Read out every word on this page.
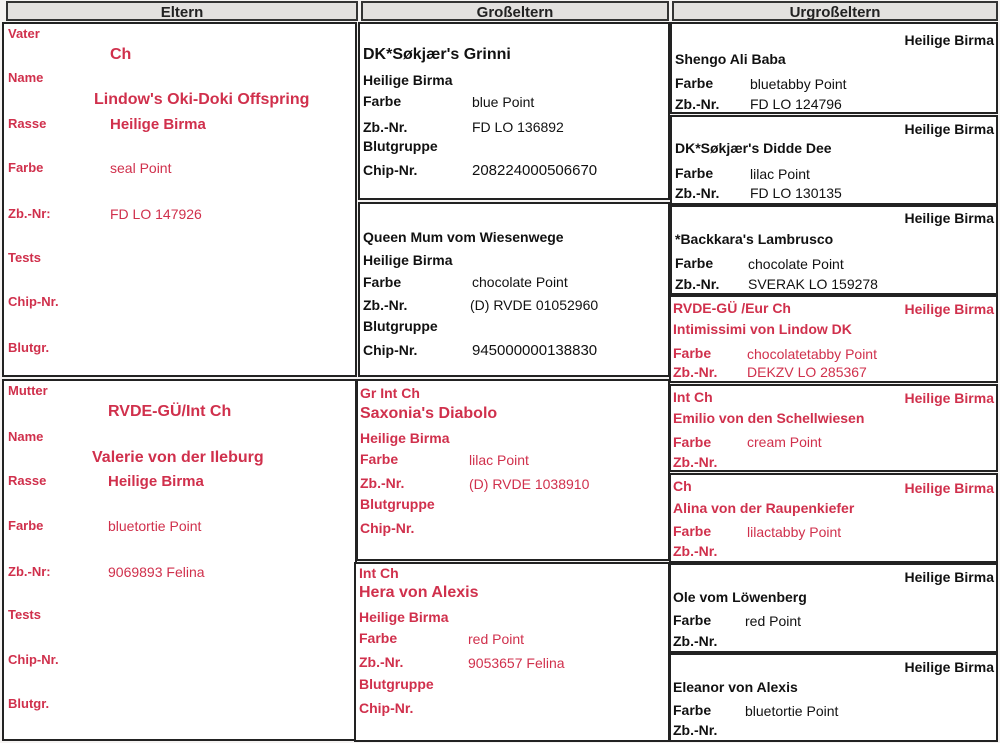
Eltern	Großeltern	Urgroßeltern
Vater
Ch
Name
Lindow's Oki-Doki Offspring
Rasse	Heilige Birma
Farbe	seal Point
Zb.-Nr:	FD LO 147926
Tests
Chip-Nr.
Blutgr.
Mutter
RVDE-GÜ/Int Ch
Name
Valerie von der Ileburg
Rasse	Heilige Birma
Farbe	bluetortie Point
Zb.-Nr:	9069893 Felina
Tests
Chip-Nr.
Blutgr.
DK*Søkjær's Grinni
Heilige Birma
Farbe	blue Point
Zb.-Nr.	FD LO 136892
Blutgruppe
Chip-Nr.	208224000506670
Queen Mum vom Wiesenwege
Heilige Birma
Farbe	chocolate Point
Zb.-Nr.	(D) RVDE 01052960
Blutgruppe
Chip-Nr.	945000000138830
Gr Int Ch
Saxonia's Diabolo
Heilige Birma
Farbe	lilac Point
Zb.-Nr.	(D) RVDE 1038910
Blutgruppe
Chip-Nr.
Int Ch
Hera von Alexis
Heilige Birma
Farbe	red Point
Zb.-Nr.	9053657 Felina
Blutgruppe
Chip-Nr.
Heilige Birma
Shengo Ali Baba
Farbe	bluetabby Point
Zb.-Nr. FD LO 124796
Heilige Birma
DK*Søkjær's Didde Dee
Farbe	lilac Point
Zb.-Nr. FD LO 130135
Heilige Birma
*Backkara's Lambrusco
Farbe chocolate Point
Zb.-Nr. SVERAK LO 159278
RVDE-GÜ /Eur Ch	Heilige Birma
Intimissimi von Lindow DK
Farbe	chocolatetabby Point
Zb.-Nr. DEKZV LO 285367
Int Ch	Heilige Birma
Emilio von den Schellwiesen
Farbe	cream Point
Zb.-Nr.
Ch	Heilige Birma
Alina von der Raupenkiefer
Farbe	lilactabby Point
Zb.-Nr.
Heilige Birma
Ole vom Löwenberg
Farbe red Point
Zb.-Nr.
Heilige Birma
Eleanor von Alexis
Farbe bluetortie Point
Zb.-Nr.
